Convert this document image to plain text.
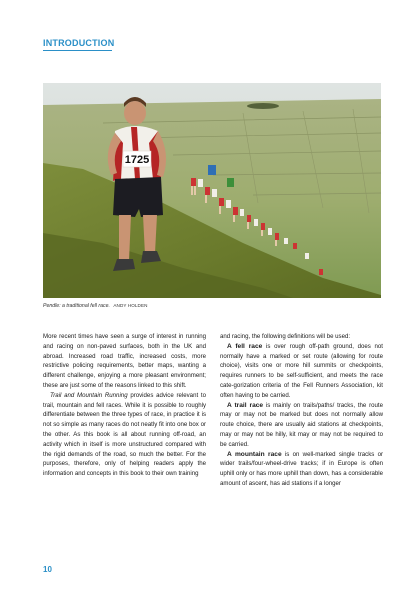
INTRODUCTION
1725
Pendle: a traditional fell race. ANDY HOLDEN

More recent times have seen a surge of interest in running and racing on non-paved surfaces, both in the UK and abroad. Increased road traffic, increased costs, more restrictive policing requirements, better maps, wanting a different challenge, enjoying a more pleasant environment; these are just some of the reasons linked to this shift.

Trail and Mountain Running provides advice relevant to trail, mountain and fell races. While it is possible to roughly differentiate between the three types of race, in practice it is not so simple as many races do not neatly fit into one box or the other. As this book is all about running off-road, an activity which in itself is more unstructured compared with the rigid demands of the road, so much the better. For the purposes, therefore, only of helping readers apply the information and concepts in this book to their own training

and racing, the following definitions will be used:

A fell race is over rough off-path ground, does not normally have a marked or set route (allowing for route choice), visits one or more hill summits or checkpoints, requires runners to be self-sufficient, and meets the race cate-gorization criteria of the Fell Runners Association, kit often having to be carried.

A trail race is mainly on trails/paths/ tracks, the route may or may not be marked but does not normally allow route choice, there are usually aid stations at checkpoints, may or may not be hilly, kit may or may not be required to be carried.

A mountain race is on well-marked single tracks or wider trails/four-wheel-drive tracks; if in Europe is often uphill only or has more uphill than down, has a considerable amount of ascent, has aid stations if a longer

10
